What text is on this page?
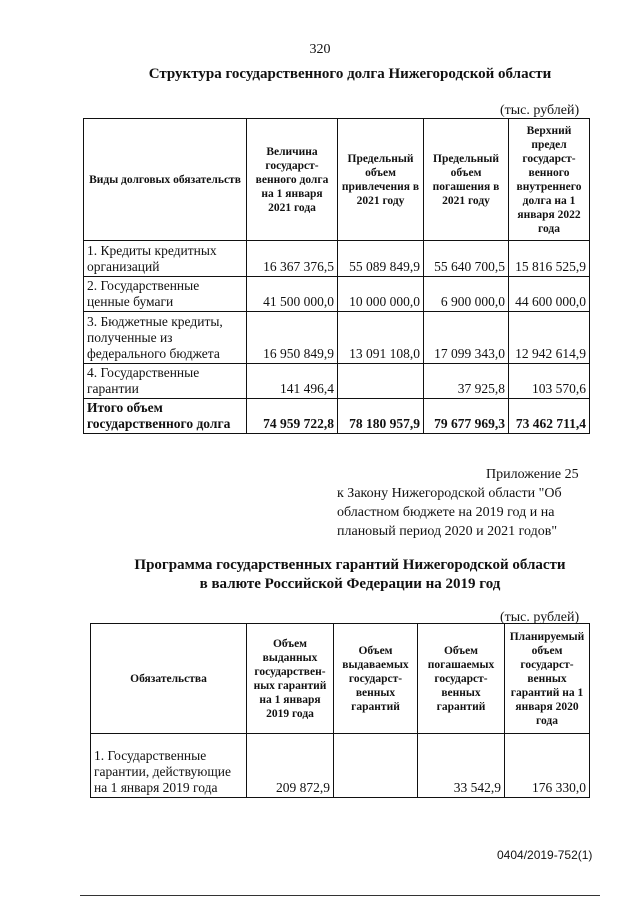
320
Структура государственного долга Нижегородской области
(тыс. рублей)
Виды долговых обязательств	Величина государст-венного долга на 1 января 2021 года	Предельный объем привлечения в 2021 году	Предельный объем погашения в 2021 году	Верхний предел государст-венного внутреннего долга на 1 января 2022 года
1. Кредиты кредитных организаций	16 367 376,5	55 089 849,9	55 640 700,5	15 816 525,9
2. Государственные ценные бумаги	41 500 000,0	10 000 000,0	6 900 000,0	44 600 000,0
3. Бюджетные кредиты, полученные из федерального бюджета	16 950 849,9	13 091 108,0	17 099 343,0	12 942 614,9
4. Государственные гарантии	141 496,4		37 925,8	103 570,6
Итого объем государственного долга	74 959 722,8	78 180 957,9	79 677 969,3	73 462 711,4
Приложение 25
к Закону Нижегородской области "Об
областном бюджете на 2019 год и на
плановый период 2020 и 2021 годов"
Программа государственных гарантий Нижегородской области
в валюте Российской Федерации на 2019 год
(тыс. рублей)
Обязательства	Объем выданных государствен-ных гарантий на 1 января 2019 года	Объем выдаваемых государст-венных гарантий	Объем погашаемых государст-венных гарантий	Планируемый объем государст-венных гарантий на 1 января 2020 года
1. Государственные гарантии, действующие на 1 января 2019 года	209 872,9		33 542,9	176 330,0
0404/2019-752(1)
